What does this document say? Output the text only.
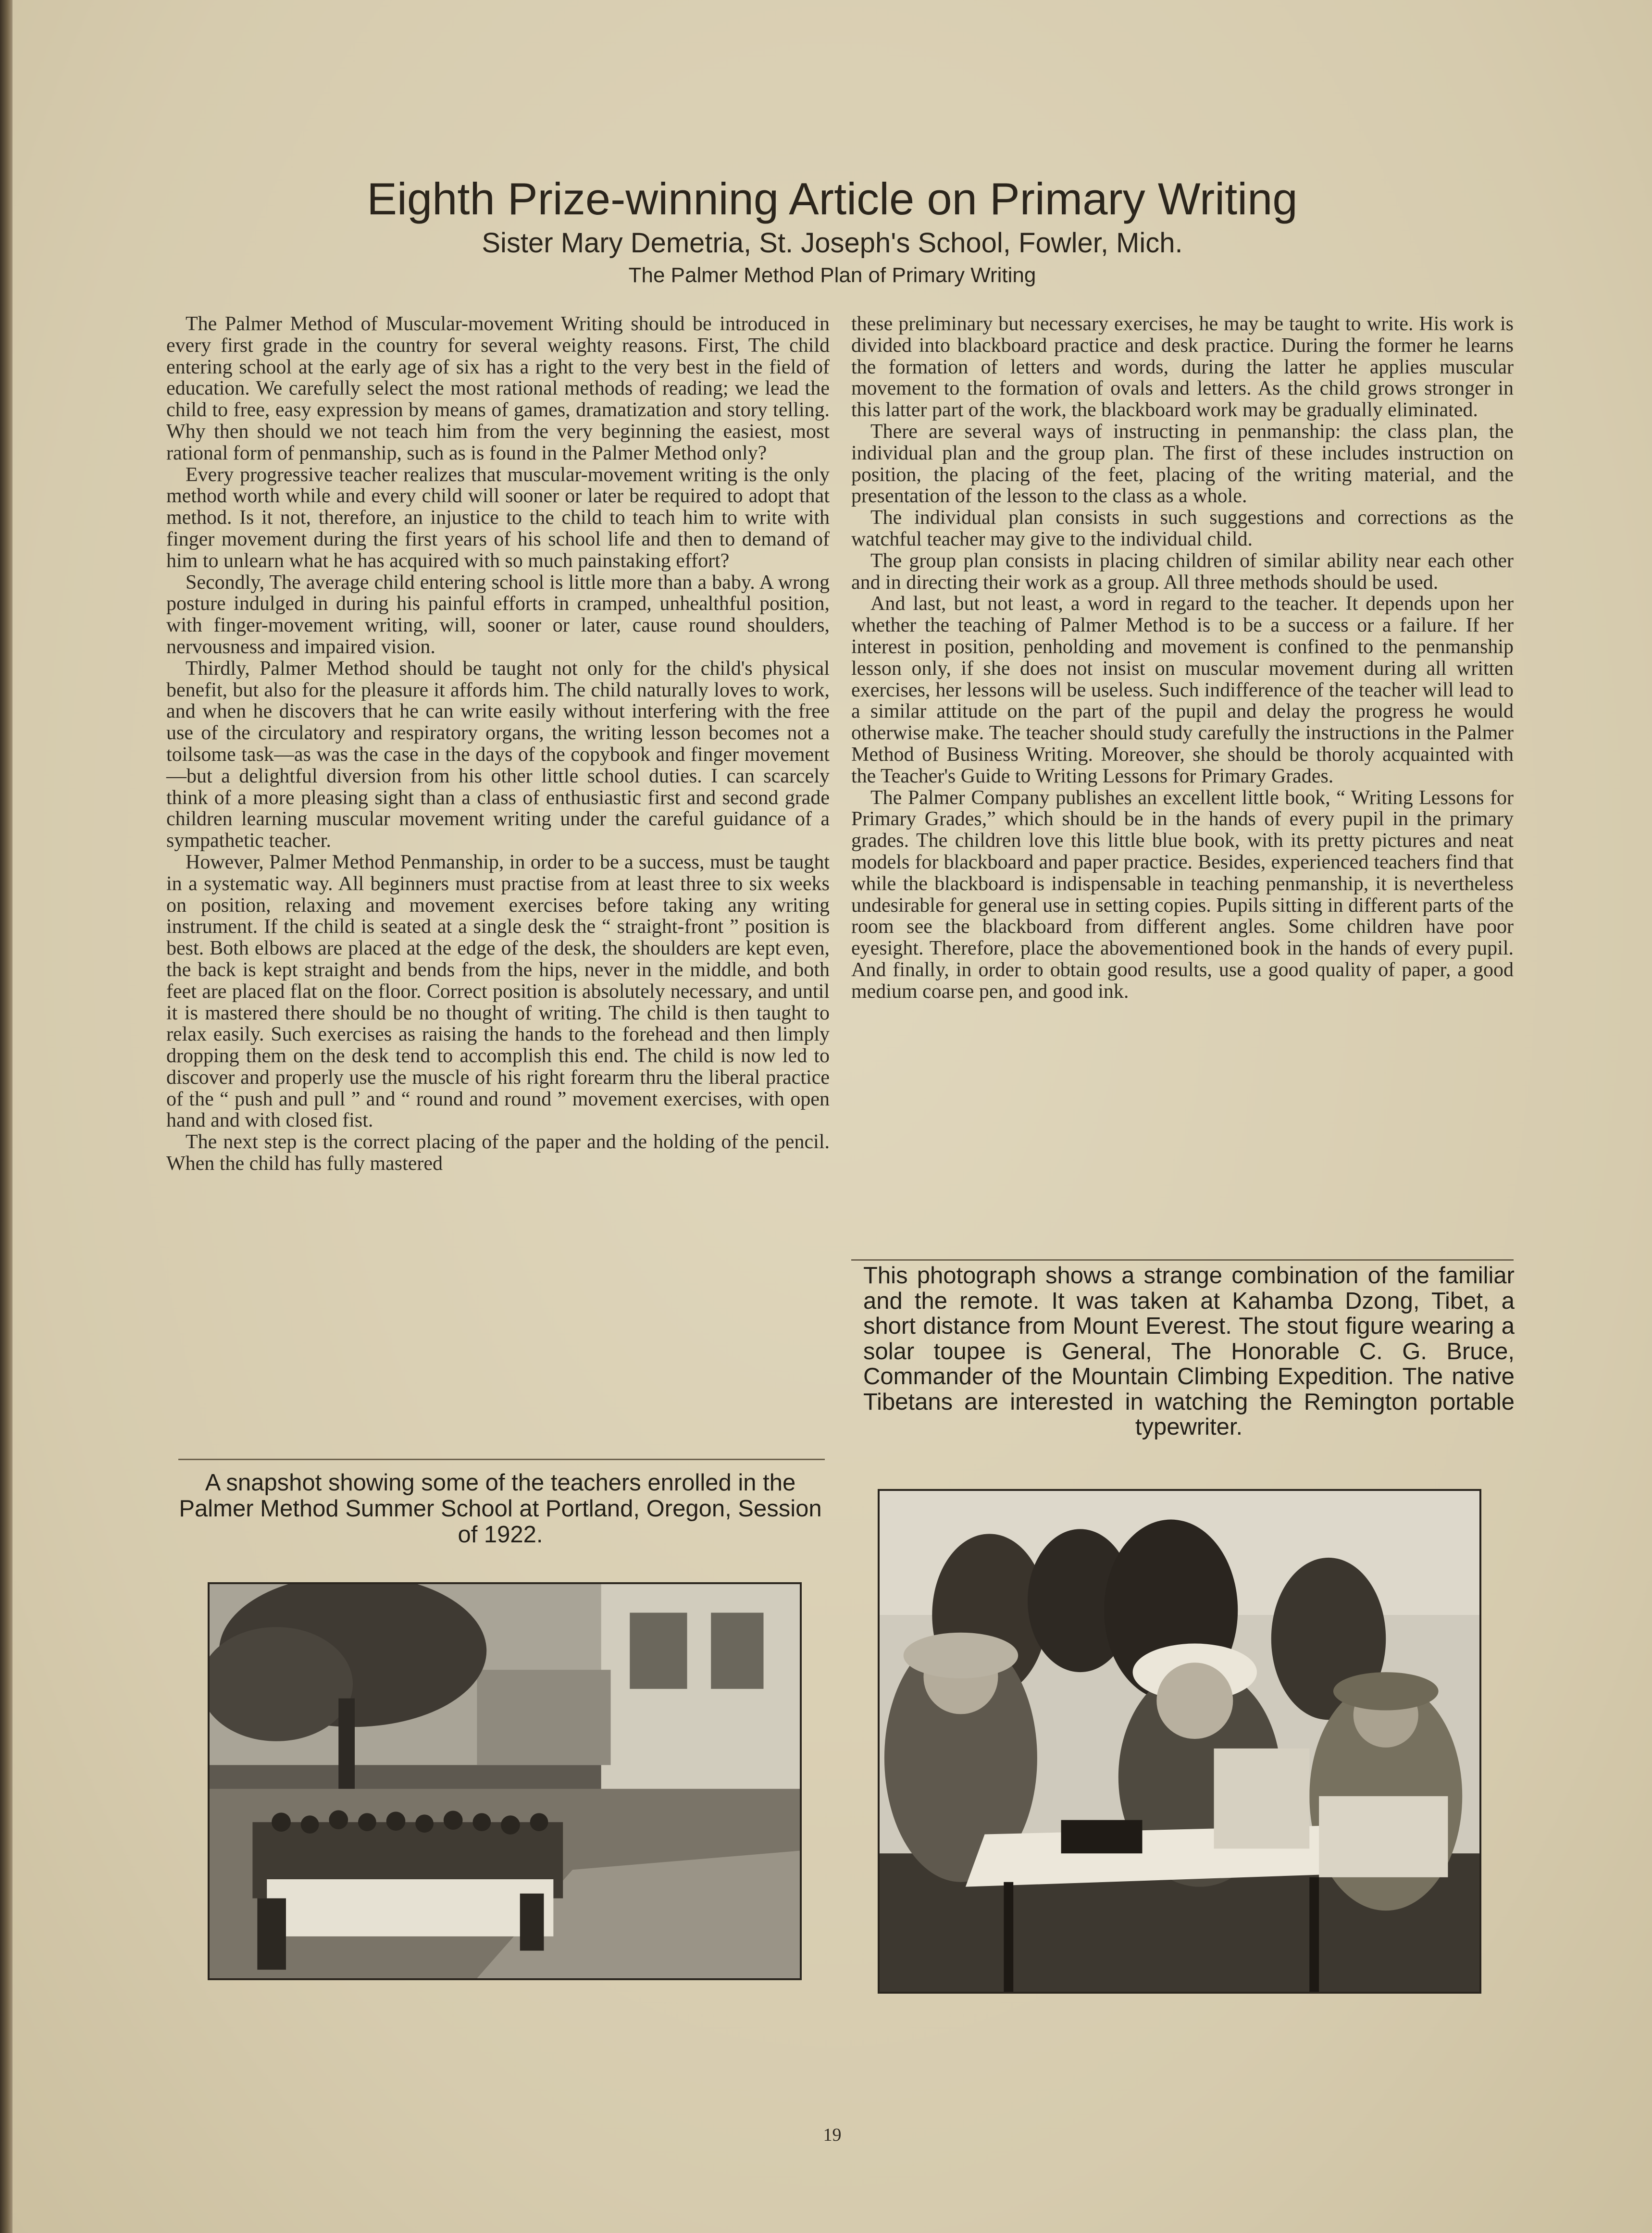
Eighth Prize-winning Article on Primary Writing
Sister Mary Demetria, St. Joseph's School, Fowler, Mich.
The Palmer Method Plan of Primary Writing

The Palmer Method of Muscular-movement Writing should be introduced in every first grade in the country for several weighty reasons. First, The child entering school at the early age of six has a right to the very best in the field of education. We carefully select the most rational methods of reading; we lead the child to free, easy expression by means of games, dramatization and story telling. Why then should we not teach him from the very beginning the easiest, most rational form of penmanship, such as is found in the Palmer Method only?

Every progressive teacher realizes that muscular-movement writing is the only method worth while and every child will sooner or later be required to adopt that method. Is it not, therefore, an injustice to the child to teach him to write with finger movement during the first years of his school life and then to demand of him to unlearn what he has acquired with so much painstaking effort?

Secondly, The average child entering school is little more than a baby. A wrong posture indulged in during his painful efforts in cramped, unhealthful position, with finger-movement writing, will, sooner or later, cause round shoulders, nervousness and impaired vision.

Thirdly, Palmer Method should be taught not only for the child's physical benefit, but also for the pleasure it affords him. The child naturally loves to work, and when he discovers that he can write easily without interfering with the free use of the circulatory and respiratory organs, the writing lesson becomes not a toilsome task—as was the case in the days of the copybook and finger movement—but a delightful diversion from his other little school duties. I can scarcely think of a more pleasing sight than a class of enthusiastic first and second grade children learning muscular movement writing under the careful guidance of a sympathetic teacher.

However, Palmer Method Penmanship, in order to be a success, must be taught in a systematic way. All beginners must practise from at least three to six weeks on position, relaxing and movement exercises before taking any writing instrument. If the child is seated at a single desk the “ straight-front ” position is best. Both elbows are placed at the edge of the desk, the shoulders are kept even, the back is kept straight and bends from the hips, never in the middle, and both feet are placed flat on the floor. Correct position is absolutely necessary, and until it is mastered there should be no thought of writing. The child is then taught to relax easily. Such exercises as raising the hands to the forehead and then limply dropping them on the desk tend to accomplish this end. The child is now led to discover and properly use the muscle of his right forearm thru the liberal practice of the “ push and pull ” and “ round and round ” movement exercises, with open hand and with closed fist.

The next step is the correct placing of the paper and the holding of the pencil. When the child has fully mastered

these preliminary but necessary exercises, he may be taught to write. His work is divided into blackboard practice and desk practice. During the former he learns the formation of letters and words, during the latter he applies muscular movement to the formation of ovals and letters. As the child grows stronger in this latter part of the work, the blackboard work may be gradually eliminated.

There are several ways of instructing in penmanship: the class plan, the individual plan and the group plan. The first of these includes instruction on position, the placing of the feet, placing of the writing material, and the presentation of the lesson to the class as a whole.

The individual plan consists in such suggestions and corrections as the watchful teacher may give to the individual child.

The group plan consists in placing children of similar ability near each other and in directing their work as a group. All three methods should be used.

And last, but not least, a word in regard to the teacher. It depends upon her whether the teaching of Palmer Method is to be a success or a failure. If her interest in position, penholding and movement is confined to the penmanship lesson only, if she does not insist on muscular movement during all written exercises, her lessons will be useless. Such indifference of the teacher will lead to a similar attitude on the part of the pupil and delay the progress he would otherwise make. The teacher should study carefully the instructions in the Palmer Method of Business Writing. Moreover, she should be thoroly acquainted with the Teacher's Guide to Writing Lessons for Primary Grades.

The Palmer Company publishes an excellent little book, “ Writing Lessons for Primary Grades,” which should be in the hands of every pupil in the primary grades. The children love this little blue book, with its pretty pictures and neat models for blackboard and paper practice. Besides, experienced teachers find that while the blackboard is indispensable in teaching penmanship, it is nevertheless undesirable for general use in setting copies. Pupils sitting in different parts of the room see the blackboard from different angles. Some children have poor eyesight. Therefore, place the abovementioned book in the hands of every pupil. And finally, in order to obtain good results, use a good quality of paper, a good medium coarse pen, and good ink.

A snapshot showing some of the teachers enrolled in the Palmer Method Summer School at Portland, Oregon, Session of 1922.

This photograph shows a strange combination of the familiar and the remote. It was taken at Kahamba Dzong, Tibet, a short distance from Mount Everest. The stout figure wearing a solar toupee is General, The Honorable C. G. Bruce, Commander of the Mountain Climbing Expedition. The native Tibetans are interested in watching the Remington portable typewriter.

19
